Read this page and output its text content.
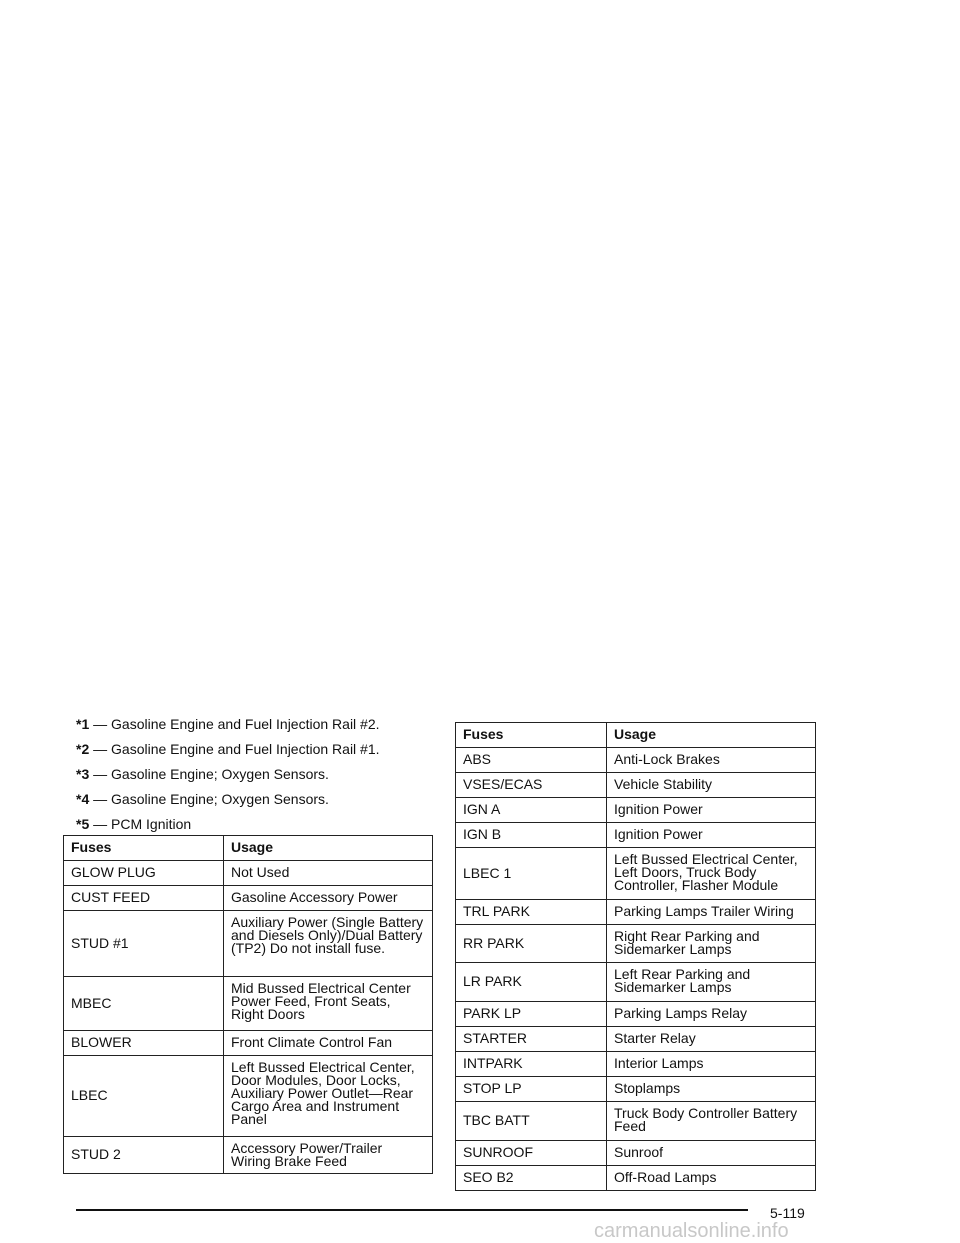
*1 — Gasoline Engine and Fuel Injection Rail #2.
*2 — Gasoline Engine and Fuel Injection Rail #1.
*3 — Gasoline Engine; Oxygen Sensors.
*4 — Gasoline Engine; Oxygen Sensors.
*5 — PCM Ignition
Fuses	Usage
GLOW PLUG	Not Used
CUST FEED	Gasoline Accessory Power
STUD #1	Auxiliary Power (Single Battery and Diesels Only)/Dual Battery (TP2) Do not install fuse.
MBEC	Mid Bussed Electrical Center Power Feed, Front Seats, Right Doors
BLOWER	Front Climate Control Fan
LBEC	Left Bussed Electrical Center, Door Modules, Door Locks, Auxiliary Power Outlet—Rear Cargo Area and Instrument Panel
STUD 2	Accessory Power/Trailer Wiring Brake Feed
Fuses	Usage
ABS	Anti-Lock Brakes
VSES/ECAS	Vehicle Stability
IGN A	Ignition Power
IGN B	Ignition Power
LBEC 1	Left Bussed Electrical Center, Left Doors, Truck Body Controller, Flasher Module
TRL PARK	Parking Lamps Trailer Wiring
RR PARK	Right Rear Parking and Sidemarker Lamps
LR PARK	Left Rear Parking and Sidemarker Lamps
PARK LP	Parking Lamps Relay
STARTER	Starter Relay
INTPARK	Interior Lamps
STOP LP	Stoplamps
TBC BATT	Truck Body Controller Battery Feed
SUNROOF	Sunroof
SEO B2	Off-Road Lamps
5-119
carmanualsonline.info
